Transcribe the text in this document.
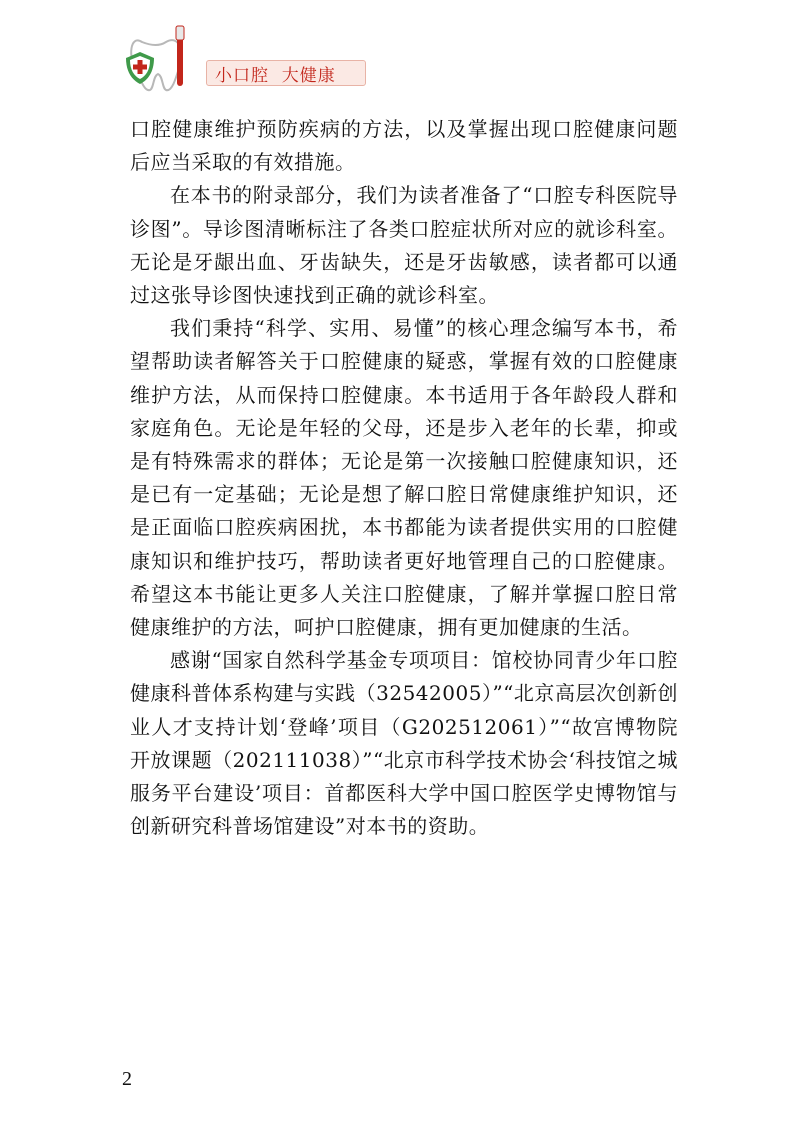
小口腔  大健康

口腔健康维护预防疾病的方法，以及掌握出现口腔健康问题后应当采取的有效措施。

在本书的附录部分，我们为读者准备了“口腔专科医院导诊图”。导诊图清晰标注了各类口腔症状所对应的就诊科室。无论是牙龈出血、牙齿缺失，还是牙齿敏感，读者都可以通过这张导诊图快速找到正确的就诊科室。

我们秉持“科学、实用、易懂”的核心理念编写本书，希望帮助读者解答关于口腔健康的疑惑，掌握有效的口腔健康维护方法，从而保持口腔健康。本书适用于各年龄段人群和家庭角色。无论是年轻的父母，还是步入老年的长辈，抑或是有特殊需求的群体；无论是第一次接触口腔健康知识，还是已有一定基础；无论是想了解口腔日常健康维护知识，还是正面临口腔疾病困扰，本书都能为读者提供实用的口腔健康知识和维护技巧，帮助读者更好地管理自己的口腔健康。希望这本书能让更多人关注口腔健康，了解并掌握口腔日常健康维护的方法，呵护口腔健康，拥有更加健康的生活。

感谢“国家自然科学基金专项项目：馆校协同青少年口腔健康科普体系构建与实践（32542005）”“北京高层次创新创业人才支持计划‘登峰’项目（G202512061）”“故宫博物院开放课题（202111038）”“北京市科学技术协会‘科技馆之城服务平台建设’项目：首都医科大学中国口腔医学史博物馆与创新研究科普场馆建设”对本书的资助。

2
